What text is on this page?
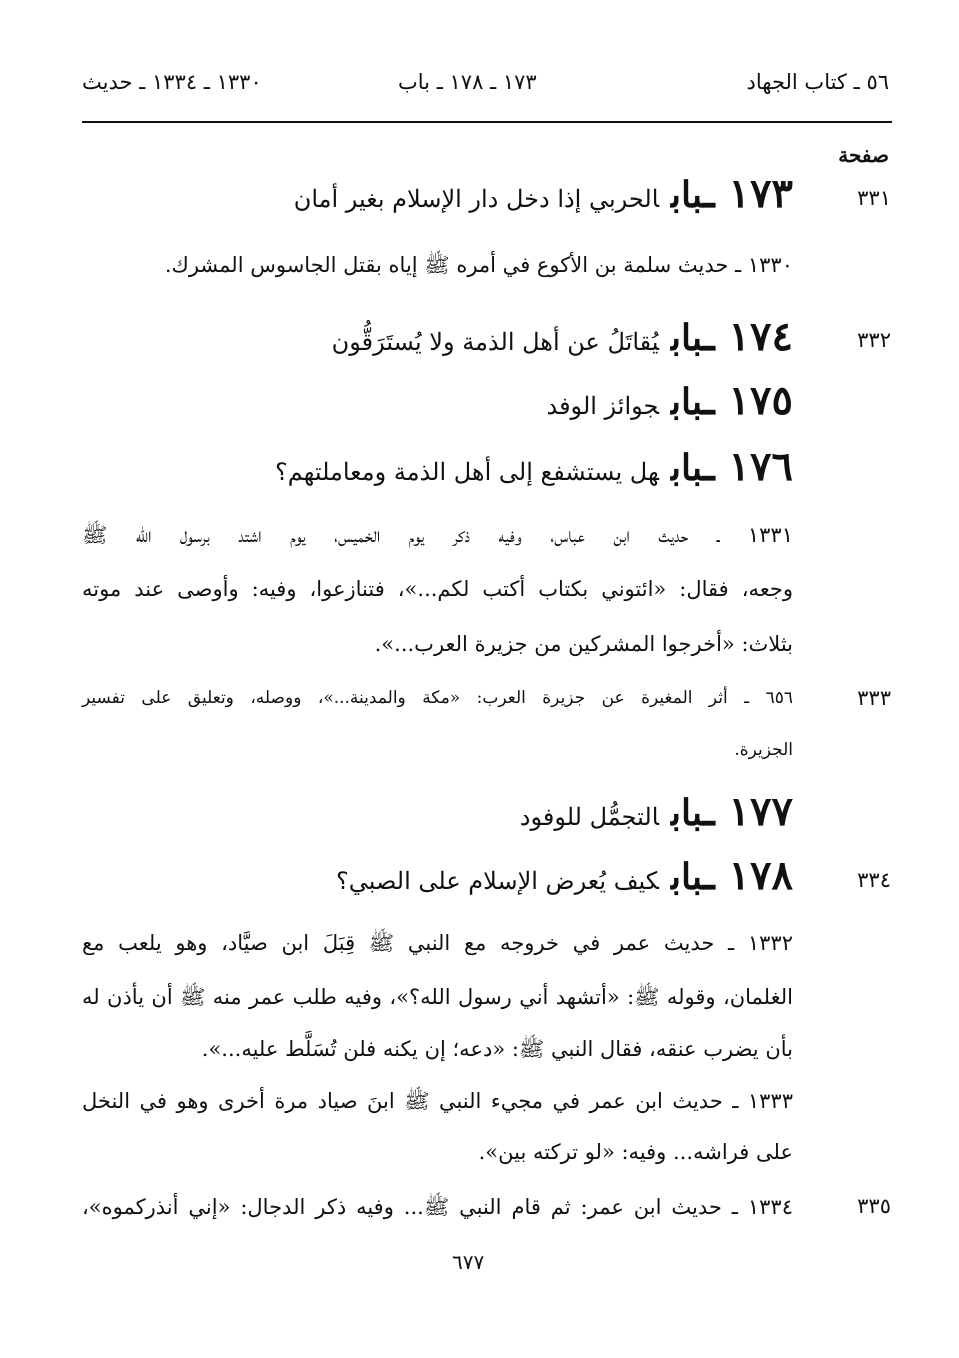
٥٦ ـ كتاب الجهاد
١٧٣ ـ ١٧٨ ـ باب
١٣٣٠ ـ ١٣٣٤ ـ حديث
صفحة
٣٣١
١٧٣ ـبابالحربي إذا دخل دار الإسلام بغير أمان
١٣٣٠ ـ حديث سلمة بن الأكوع في أمره ﷺ إياه بقتل الجاسوس المشرك.
٣٣٢
١٧٤ ـبابيُقاتَلُ عن أهل الذمة ولا يُستَرَقُّون
١٧٥ ـبابجوائز الوفد
١٧٦ ـبابهل يستشفع إلى أهل الذمة ومعاملتهم؟
١٣٣١ ـ حديث ابن عباس، وفيه ذكر يوم الخميس، يوم اشتد برسول الله ﷺ
وجعه، فقال: «ائتوني بكتاب أكتب لكم...»، فتنازعوا، وفيه: وأوصى عند موته
بثلاث: «أخرجوا المشركين من جزيرة العرب...».
٣٣٣
٦٥٦ ـ أثر المغيرة عن جزيرة العرب: «مكة والمدينة...»، ووصله، وتعليق على تفسير
الجزيرة.
١٧٧ ـبابالتجمُّل للوفود
٣٣٤
١٧٨ ـبابكيف يُعرض الإسلام على الصبي؟
١٣٣٢ ـ حديث عمر في خروجه مع النبي ﷺ قِبَلَ ابن صيَّاد، وهو يلعب مع
الغلمان، وقوله ﷺ: «أتشهد أني رسول الله؟»، وفيه طلب عمر منه ﷺ أن يأذن له
بأن يضرب عنقه، فقال النبي ﷺ: «دعه؛ إن يكنه فلن تُسَلَّط عليه...».
١٣٣٣ ـ حديث ابن عمر في مجيء النبي ﷺ ابنَ صياد مرة أخرى وهو في النخل
على فراشه... وفيه: «لو تركته بين».
٣٣٥
١٣٣٤ ـ حديث ابن عمر: ثم قام النبي ﷺ... وفيه ذكر الدجال: «إني أنذركموه»،
٦٧٧
